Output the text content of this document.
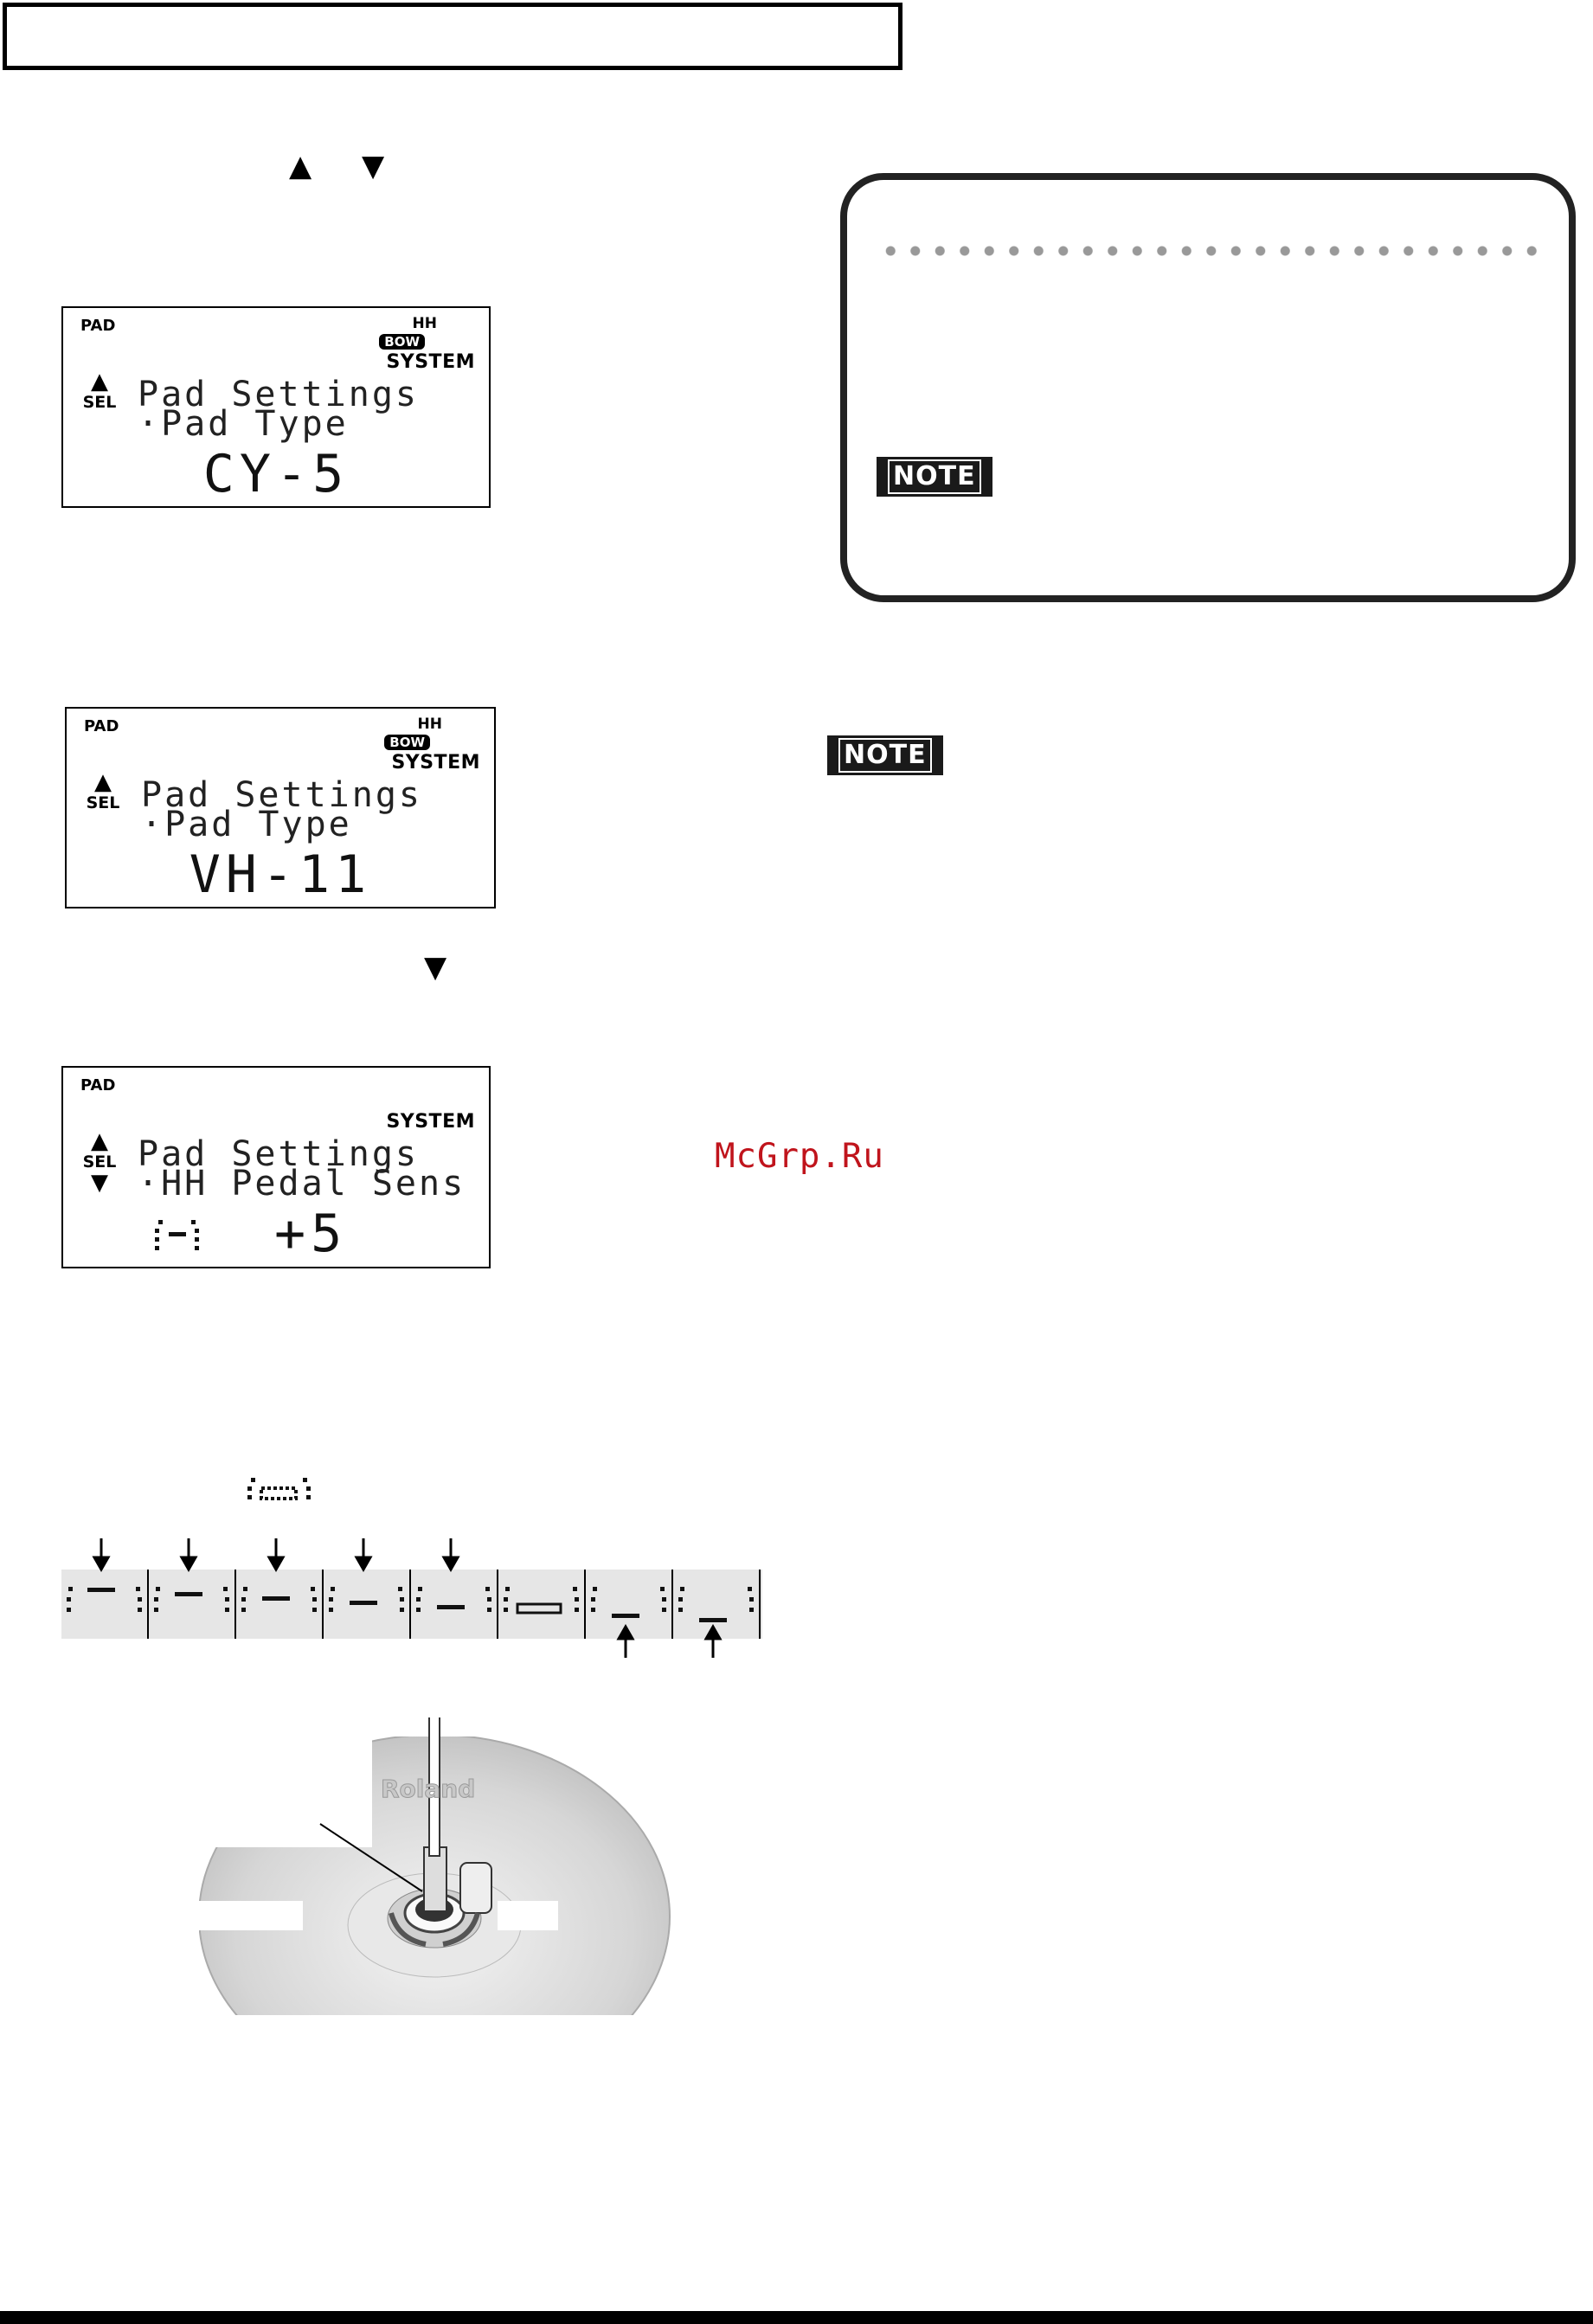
▲ ▼
▼
PAD	HH
BOW
SYSTEM
▲
SEL Pad Settings
·Pad Type
CY-5
PAD	HH
BOW
SYSTEM
▲
SEL Pad Settings
·Pad Type
VH-11
PAD
SYSTEM
▲
SEL
▼
Pad Settings
·HH Pedal Sens
+5
NOTE
NOTE
McGrp.Ru
Roland
